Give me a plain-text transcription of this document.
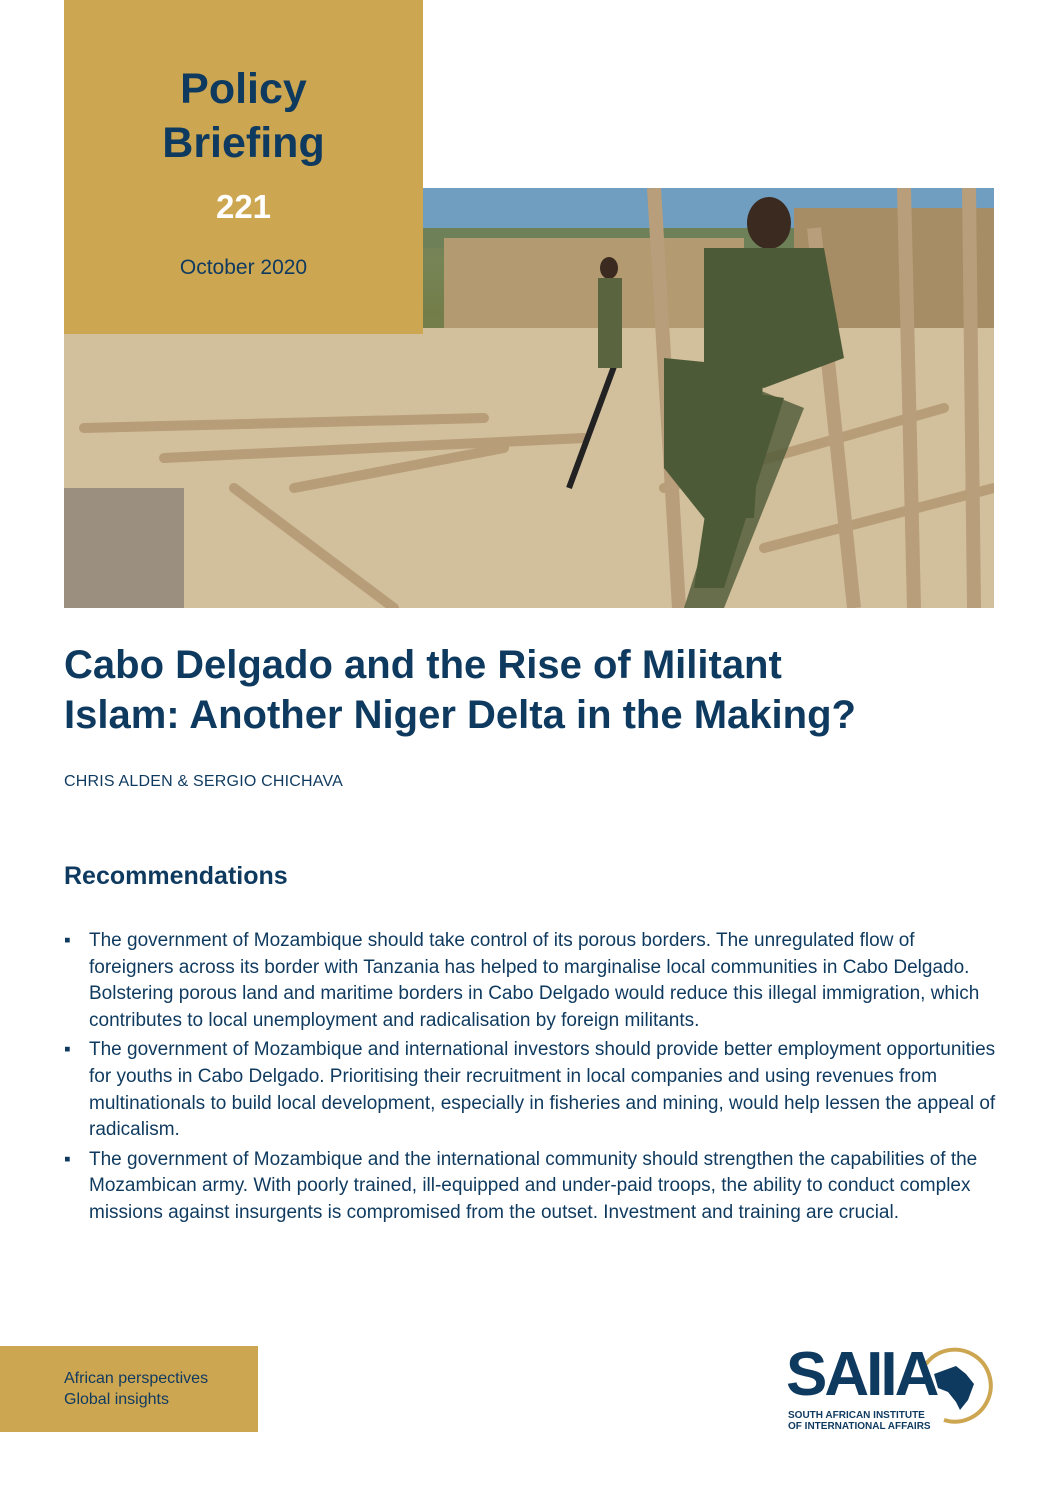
Policy
Briefing
221
October 2020
Cabo Delgado and the Rise of Militant
Islam: Another Niger Delta in the Making?
CHRIS ALDEN & SERGIO CHICHAVA
Recommendations
▪ The government of Mozambique should take control of its porous borders. The unregulated flow of foreigners across its border with Tanzania has helped to marginalise local communities in Cabo Delgado. Bolstering porous land and maritime borders in Cabo Delgado would reduce this illegal immigration, which contributes to local unemployment and radicalisation by foreign militants.
▪ The government of Mozambique and international investors should provide better employment opportunities for youths in Cabo Delgado. Prioritising their recruitment in local companies and using revenues from multinationals to build local development, especially in fisheries and mining, would help lessen the appeal of radicalism.
▪ The government of Mozambique and the international community should strengthen the capabilities of the Mozambican army. With poorly trained, ill-equipped and under-paid troops, the ability to conduct complex missions against insurgents is compromised from the outset. Investment and training are crucial.
African perspectives
Global insights	SAIIA
SOUTH AFRICAN INSTITUTE
OF INTERNATIONAL AFFAIRS
